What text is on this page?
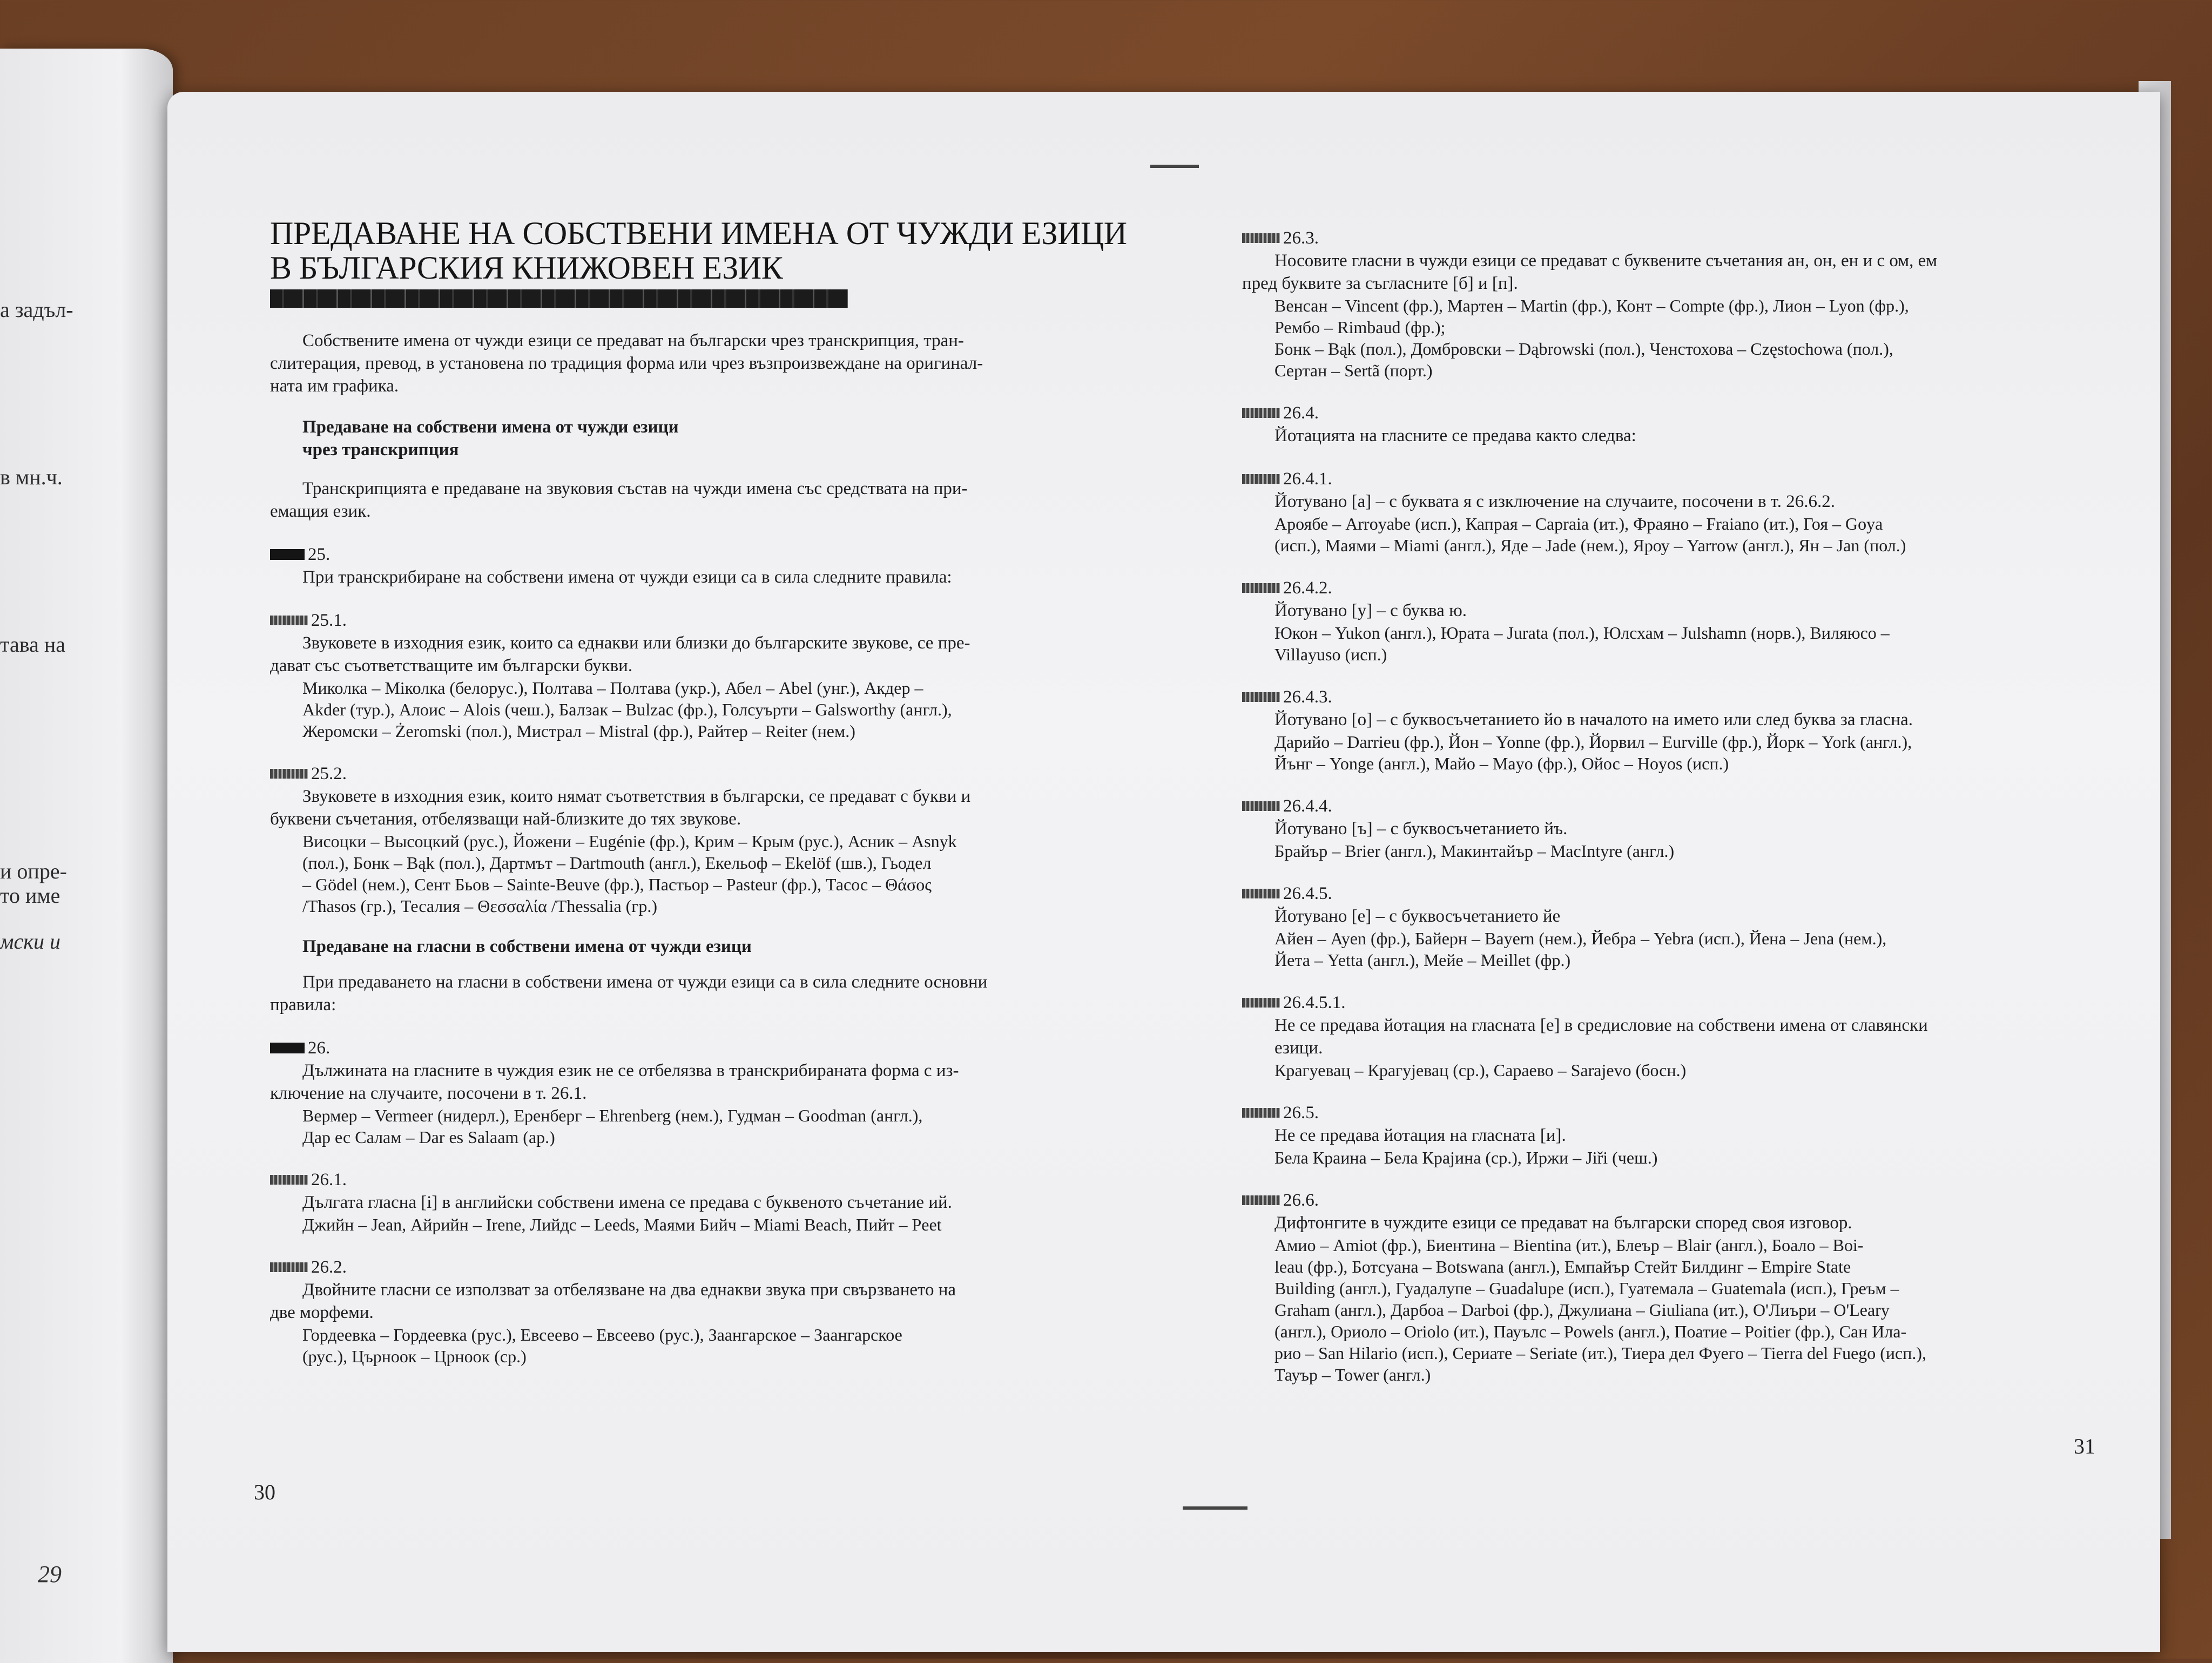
а задъл-
в мн.ч.
тава на
и опре-
то име
мски и
29
ПРЕДАВАНЕ НА СОБСТВЕНИ ИМЕНА ОТ ЧУЖДИ ЕЗИЦИ
В БЪЛГАРСКИЯ КНИЖОВЕН ЕЗИК

Собствените имена от чужди езици се предават на български чрез транскрипция, тран-

слитерация, превод, в установена по традиция форма или чрез възпроизвеждане на оригинал-

ната им графика.

Предаване на собствени имена от чужди езици
чрез транскрипция

Транскрипцията е предаване на звуковия състав на чужди имена със средствата на при-

емащия език.

25.

При транскрибиране на собствени имена от чужди езици са в сила следните правила:

25.1.

Звуковете в изходния език, които са еднакви или близки до българските звукове, се пре-

дават със съответстващите им български букви.

Миколка – Міколка (белорус.), Полтава – Полтава (укр.), Абел – Abel (унг.), Акдер –

Akder (тур.), Алоис – Alois (чеш.), Балзак – Bulzac (фр.), Голсуърти – Galsworthy (англ.),

Жеромски – Żeromski (пол.), Мистрал – Mistral (фр.), Райтер – Reiter (нем.)

25.2.

Звуковете в изходния език, които нямат съответствия в български, се предават с букви и

буквени съчетания, отбелязващи най-близките до тях звукове.

Висоцки – Высоцкий (рус.), Йожени – Eugénie (фр.), Крим – Крым (рус.), Асник – Asnyk

(пол.), Бонк – Bąk (пол.), Дартмът – Dartmouth (англ.), Екельоф – Ekelöf (шв.), Гьодел

– Gödel (нем.), Сент Бьов – Sainte-Beuve (фр.), Пастьор – Pasteur (фр.), Тасос – Θάσος

/Thasos (гр.), Тесалия – Θεσσαλία /Thessalia (гр.)

Предаване на гласни в собствени имена от чужди езици

При предаването на гласни в собствени имена от чужди езици са в сила следните основни

правила:

26.

Дължината на гласните в чуждия език не се отбелязва в транскрибираната форма с из-

ключение на случаите, посочени в т. 26.1.

Вермер – Vermeer (нидерл.), Еренберг – Ehrenberg (нем.), Гудман – Goodman (англ.),

Дар ес Салам – Dar es Salaam (ар.)

26.1.

Дългата гласна [i] в английски собствени имена се предава с буквеното съчетание ий.

Джийн – Jean, Айрийн – Irene, Лийдс – Leeds, Маями Бийч – Miami Beach, Пийт – Peet

26.2.

Двойните гласни се използват за отбелязване на два еднакви звука при свързването на

две морфеми.

Гордеевка – Гордеевка (рус.), Евсеево – Евсеево (рус.), Заангарское – Заангарское

(рус.), Църноок – Црноок (ср.)

30
26.3.

Носовите гласни в чужди езици се предават с буквените съчетания ан, он, ен и с ом, ем

пред буквите за съгласните [б] и [п].

Венсан – Vincent (фр.), Мартен – Martin (фр.), Конт – Compte (фр.), Лион – Lyon (фр.),

Рембо – Rimbaud (фр.);

Бонк – Bąk (пол.), Домбровски – Dąbrowski (пол.), Ченстохова – Częstochowa (пол.),

Сертан – Sertã (порт.)

26.4.

Йотацията на гласните се предава както следва:

26.4.1.

Йотувано [а] – с буквата я с изключение на случаите, посочени в т. 26.6.2.

Ароябе – Arroyabe (исп.), Капрая – Capraia (ит.), Фраяно – Fraiano (ит.), Гоя – Goya

(исп.), Маями – Miami (англ.), Яде – Jade (нем.), Яроу – Yarrow (англ.), Ян – Jan (пол.)

26.4.2.

Йотувано [у] – с буква ю.

Юкон – Yukon (англ.), Юрата – Jurata (пол.), Юлсхам – Julshamn (норв.), Виляюсо –

Villayuso (исп.)

26.4.3.

Йотувано [о] – с буквосъчетанието йо в началото на името или след буква за гласна.

Дарийо – Darrieu (фр.), Йон – Yonne (фр.), Йорвил – Eurville (фр.), Йорк – York (англ.),

Йънг – Yonge (англ.), Майо – Mayo (фр.), Ойос – Hoyos (исп.)

26.4.4.

Йотувано [ъ] – с буквосъчетанието йъ.

Брайър – Brier (англ.), Макинтайър – MacIntyre (англ.)

26.4.5.

Йотувано [е] – с буквосъчетанието йе

Айен – Ayen (фр.), Байерн – Bayern (нем.), Йебра – Yebra (исп.), Йена – Jena (нем.),

Йета – Yetta (англ.), Мейе – Meillet (фр.)

26.4.5.1.

Не се предава йотация на гласната [е] в средисловие на собствени имена от славянски

езици.

Крагуевац – Крагујевац (ср.), Сараево – Sarajevo (босн.)

26.5.

Не се предава йотация на гласната [и].

Бела Краина – Бела Крајина (ср.), Иржи – Jiři (чеш.)

26.6.

Дифтонгите в чуждите езици се предават на български според своя изговор.

Амио – Amiot (фр.), Биентина – Bientina (ит.), Блеър – Blair (англ.), Боало – Boi-

leau (фр.), Ботсуана – Botswana (англ.), Емпайър Стейт Билдинг – Empire State

Building (англ.), Гуадалупе – Guadalupe (исп.), Гуатемала – Guatemala (исп.), Греъм –

Graham (англ.), Дарбоа – Darboi (фр.), Джулиана – Giuliana (ит.), О'Лиъри – O'Leary

(англ.), Ориоло – Oriolo (ит.), Пауълс – Powels (англ.), Поатие – Poitier (фр.), Сан Ила-

рио – San Hilario (исп.), Сериате – Seriate (ит.), Тиера дел Фуего – Tierra del Fuego (исп.),

Тауър – Tower (англ.)

31
